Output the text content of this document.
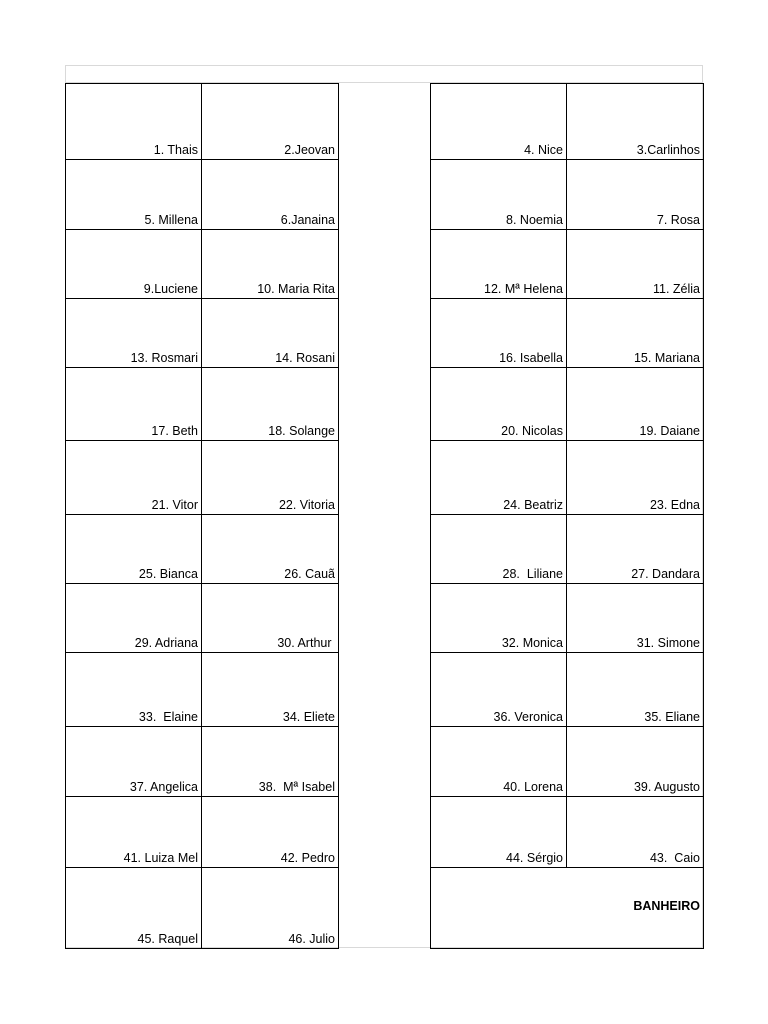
1. Thais	2.Jeovan
5. Millena	6.Janaina
9.Luciene	10. Maria Rita
13. Rosmari	14. Rosani
17. Beth	18. Solange
21. Vitor	22. Vitoria
25. Bianca	26. Cauã
29. Adriana	30. Arthur
33.  Elaine	34. Eliete
37. Angelica	38.  Mª Isabel
41. Luiza Mel	42. Pedro
45. Raquel	46. Julio
4. Nice	3.Carlinhos
8. Noemia	7. Rosa
12. Mª Helena	11. Zélia
16. Isabella	15. Mariana
20. Nicolas	19. Daiane
24. Beatriz	23. Edna
28.  Liliane	27. Dandara
32. Monica	31. Simone
36. Veronica	35. Eliane
40. Lorena	39. Augusto
44. Sérgio	43.  Caio
BANHEIRO
